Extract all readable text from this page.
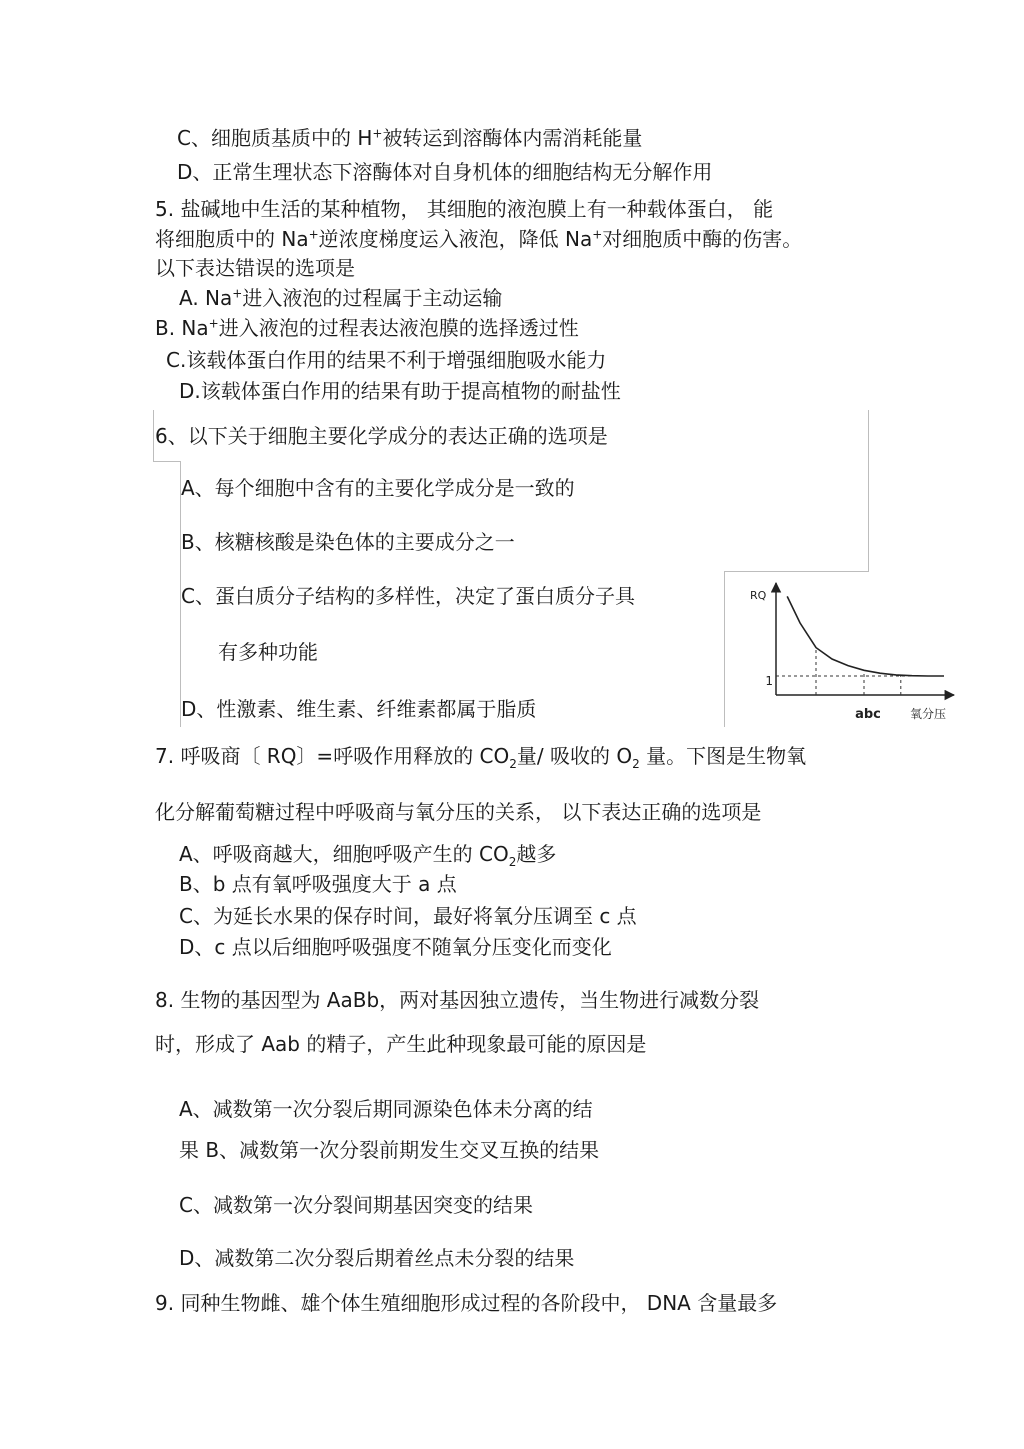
C、细胞质基质中的 H+被转运到溶酶体内需消耗能量
D、正常生理状态下溶酶体对自身机体的细胞结构无分解作用
5. 盐碱地中生活的某种植物， 其细胞的液泡膜上有一种载体蛋白， 能
将细胞质中的 Na+逆浓度梯度运入液泡，降低 Na+对细胞质中酶的伤害。
以下表达错误的选项是
A. Na+进入液泡的过程属于主动运输
B. Na+进入液泡的过程表达液泡膜的选择透过性
C.该载体蛋白作用的结果不利于增强细胞吸水能力
D.该载体蛋白作用的结果有助于提高植物的耐盐性
6、以下关于细胞主要化学成分的表达正确的选项是
A、每个细胞中含有的主要化学成分是一致的
B、核糖核酸是染色体的主要成分之一
C、蛋白质分子结构的多样性，决定了蛋白质分子具
有多种功能
D、性激素、维生素、纤维素都属于脂质
RQ
1
abc 氧分压
7. 呼吸商〔 RQ〕=呼吸作用释放的 $CO_2$量/ 吸收的 $O_2$ 量。下图是生物氧
化分解葡萄糖过程中呼吸商与氧分压的关系， 以下表达正确的选项是
A、呼吸商越大，细胞呼吸产生的 $CO_2$越多
B、b 点有氧呼吸强度大于 a 点
C、为延长水果的保存时间，最好将氧分压调至 c 点
D、c 点以后细胞呼吸强度不随氧分压变化而变化
8. 生物的基因型为 AaBb，两对基因独立遗传，当生物进行减数分裂
时，形成了 Aab 的精子，产生此种现象最可能的原因是
A、减数第一次分裂后期同源染色体未分离的结
果 B、减数第一次分裂前期发生交叉互换的结果
C、减数第一次分裂间期基因突变的结果
D、减数第二次分裂后期着丝点未分裂的结果
9. 同种生物雌、雄个体生殖细胞形成过程的各阶段中， DNA 含量最多
